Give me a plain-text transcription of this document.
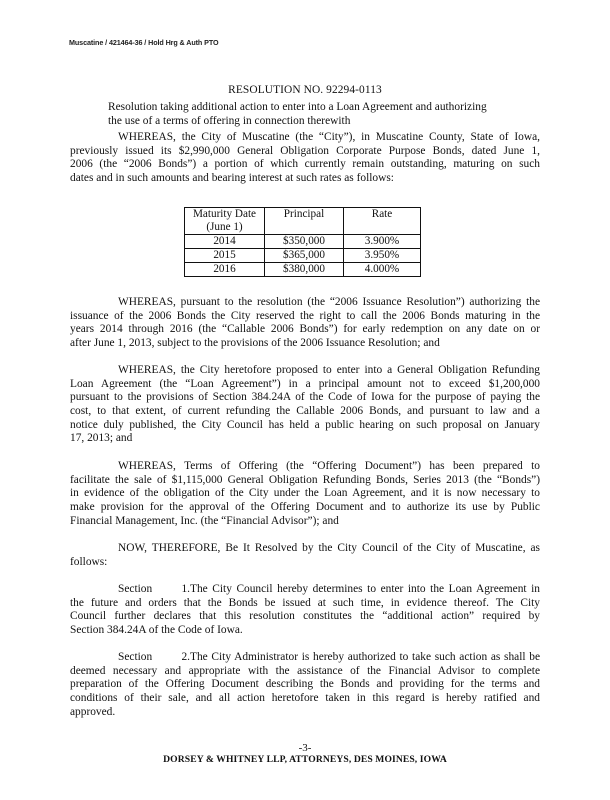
Muscatine / 421464-36 / Hold Hrg & Auth PTO
RESOLUTION NO. 92294-0113
Resolution taking additional action to enter into a Loan Agreement and authorizing
the use of a terms of offering in connection therewith
WHEREAS, the City of Muscatine (the “City”), in Muscatine County, State of Iowa,
previously issued its $2,990,000 General Obligation Corporate Purpose Bonds, dated June 1,
2006 (the “2006 Bonds”) a portion of which currently remain outstanding, maturing on such
dates and in such amounts and bearing interest at such rates as follows:
Maturity Date
(June 1)	Principal	Rate
2014	$350,000	3.900%
2015	$365,000	3.950%
2016	$380,000	4.000%
WHEREAS, pursuant to the resolution (the “2006 Issuance Resolution”) authorizing the
issuance of the 2006 Bonds the City reserved the right to call the 2006 Bonds maturing in the
years 2014 through 2016 (the “Callable 2006 Bonds”) for early redemption on any date on or
after June 1, 2013, subject to the provisions of the 2006 Issuance Resolution; and
WHEREAS, the City heretofore proposed to enter into a General Obligation Refunding
Loan Agreement (the “Loan Agreement”) in a principal amount not to exceed $1,200,000
pursuant to the provisions of Section 384.24A of the Code of Iowa for the purpose of paying the
cost, to that extent, of current refunding the Callable 2006 Bonds, and pursuant to law and a
notice duly published, the City Council has held a public hearing on such proposal on January
17, 2013; and
WHEREAS, Terms of Offering (the “Offering Document”) has been prepared to
facilitate the sale of $1,115,000 General Obligation Refunding Bonds, Series 2013 (the “Bonds”)
in evidence of the obligation of the City under the Loan Agreement, and it is now necessary to
make provision for the approval of the Offering Document and to authorize its use by Public
Financial Management, Inc. (the “Financial Advisor”); and
NOW, THEREFORE, Be It Resolved by the City Council of the City of Muscatine, as
follows:
Section 1.The City Council hereby determines to enter into the Loan Agreement in
the future and orders that the Bonds be issued at such time, in evidence thereof. The City
Council further declares that this resolution constitutes the “additional action” required by
Section 384.24A of the Code of Iowa.
Section 2.The City Administrator is hereby authorized to take such action as shall be
deemed necessary and appropriate with the assistance of the Financial Advisor to complete
preparation of the Offering Document describing the Bonds and providing for the terms and
conditions of their sale, and all action heretofore taken in this regard is hereby ratified and
approved.
-3-
DORSEY & WHITNEY LLP, ATTORNEYS, DES MOINES, IOWA
